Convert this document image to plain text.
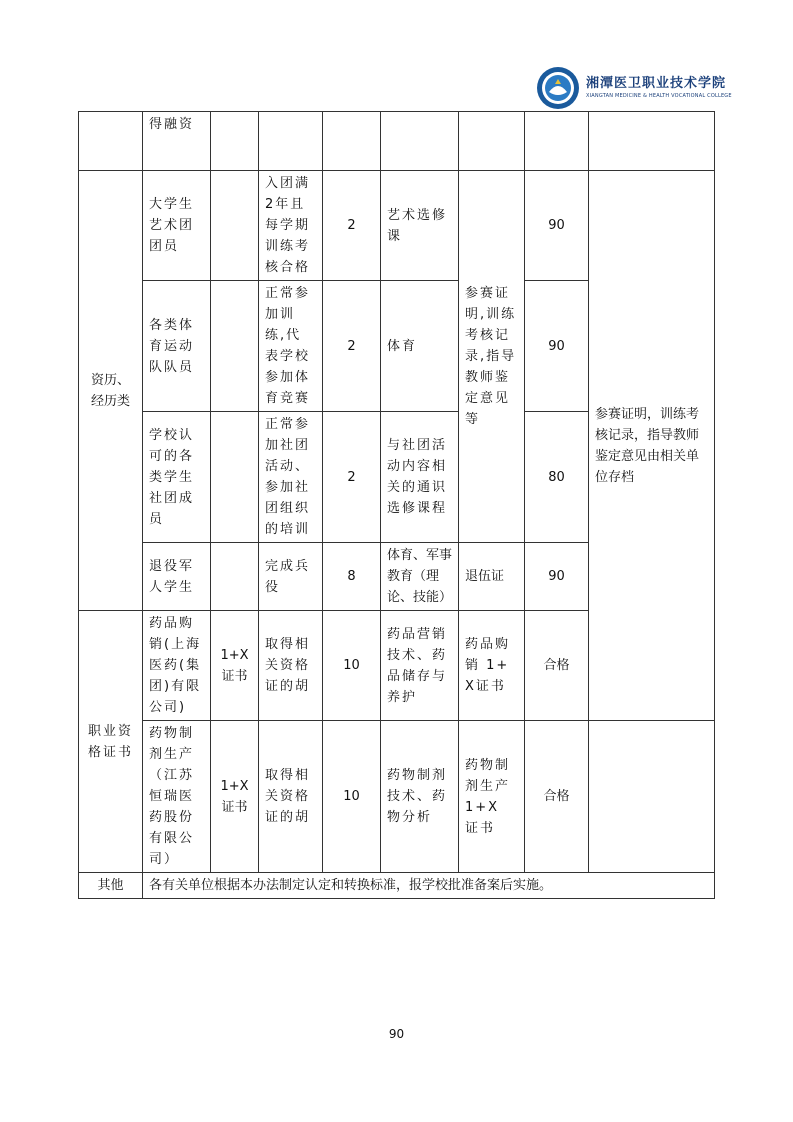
湘潭医卫职业技术学院
XIANGTAN MEDICINE & HEALTH VOCATIONAL COLLEGE
	得融资								
资历、经历类	大学生艺术团团员		入团满2年且每学期训练考核合格	2	艺术选修课	参赛证明,训练考核记录,指导教师鉴定意见等	90	参赛证明，训练考核记录，指导教师鉴定意见由相关单位存档	
	各类体育运动队队员		正常参加训练,代表学校参加体育竞赛	2	体育		90		
	学校认可的各类学生社团成员		正常参加社团活动、参加社团组织的培训	2	与社团活动内容相关的通识选修课程		80		
	退役军人学生		完成兵役	8	体育、军事教育（理论、技能）	退伍证	90		
职业资格证书	药品购销(上海医药(集团)有限公司)	1+X证书	取得相关资格证的胡	10	药品营销技术、药品储存与养护	药品购销 1+X证书	合格		
	药物制剂生产（江苏恒瑞医药股份有限公司）	1+X证书	取得相关资格证的胡	10	药物制剂技术、药物分析	药物制剂生产 1+X 证书	合格		
其他	各有关单位根据本办法制定认定和转换标准，报学校批准备案后实施。								
90
